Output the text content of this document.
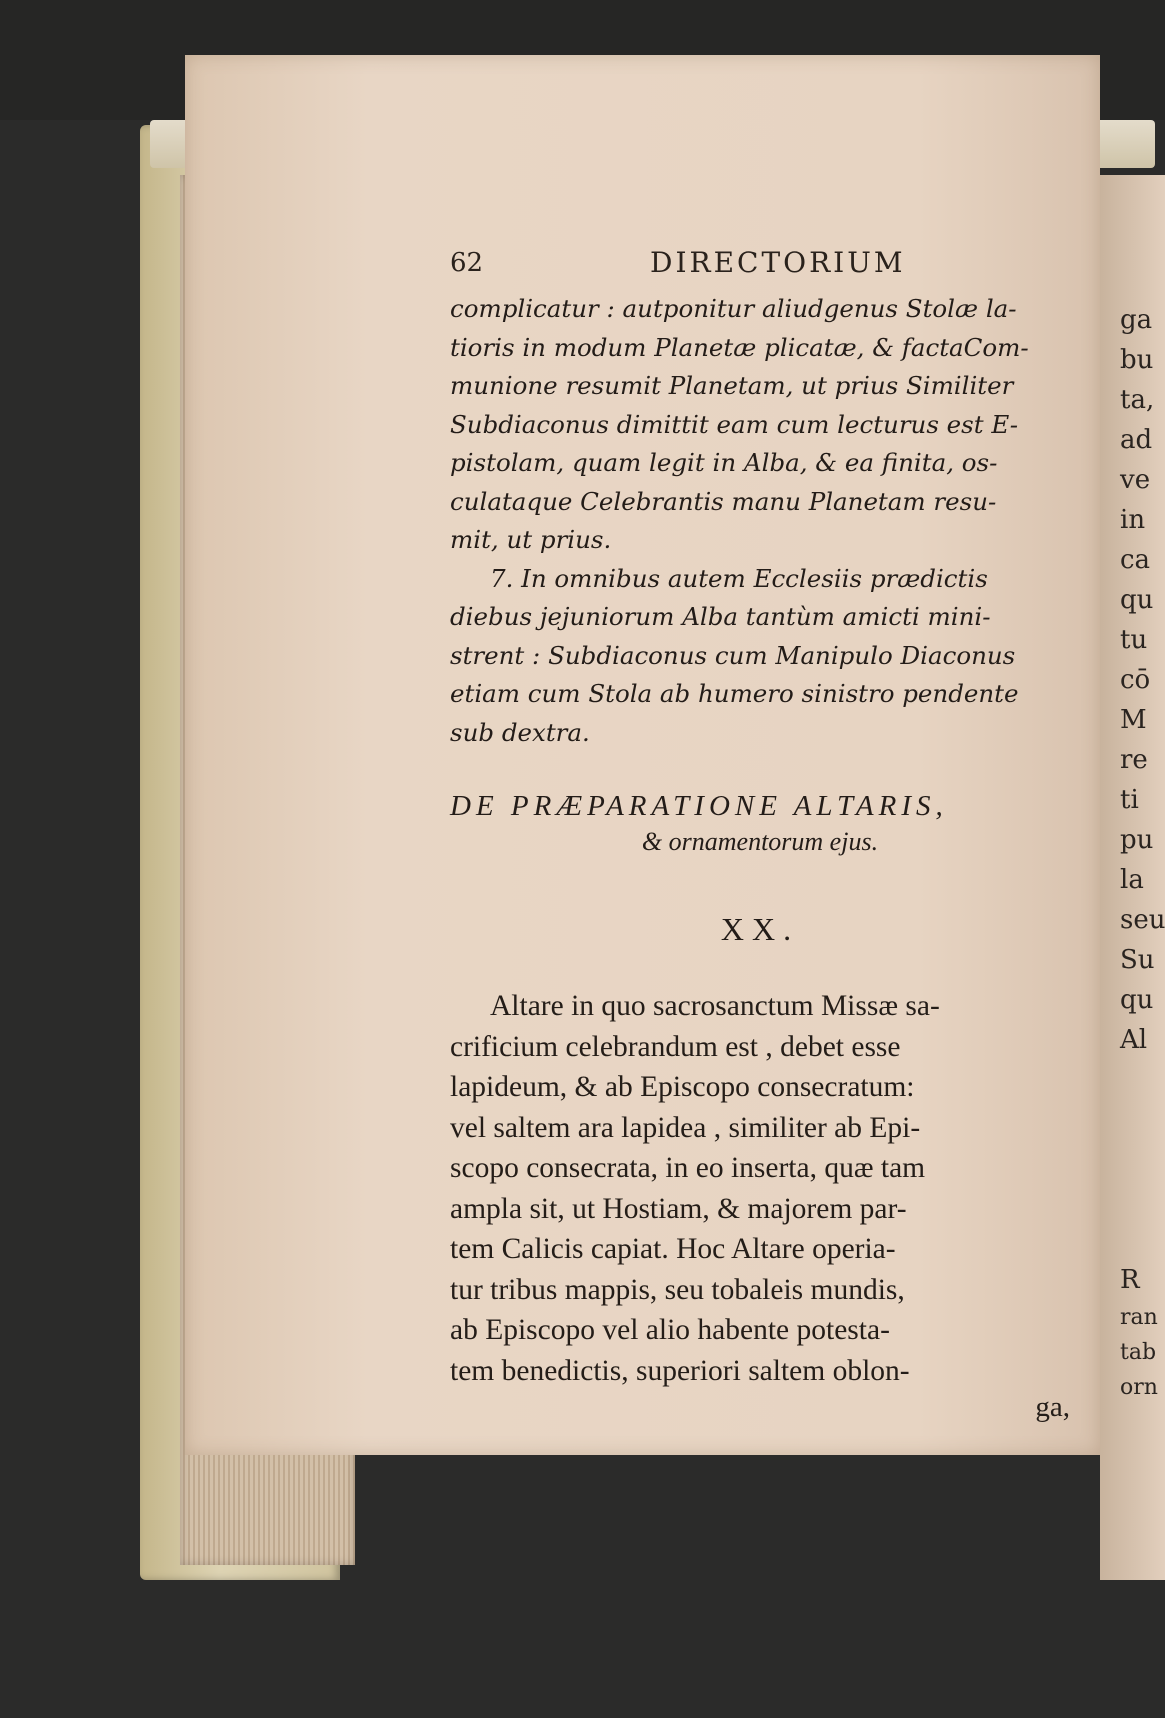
ga
bu
ta,
ad
ve
in
ca
qu
tu
cō
M
re
ti
pu
la
seu
Su
qu
Al
R
ran
tab
orn
62	DIRECTORIUM
complicatur : autponitur aliudgenus Stolæ la-
tioris in modum Planetæ plicatæ, & factaCom-
munione resumit Planetam, ut prius Similiter
Subdiaconus dimittit eam cum lecturus est E-
pistolam, quam legit in Alba, & ea finita, os-
culataque Celebrantis manu Planetam resu-
mit, ut prius.
7. In omnibus autem Ecclesiis prædictis
diebus jejuniorum Alba tantùm amicti mini-
strent : Subdiaconus cum Manipulo Diaconus
etiam cum Stola ab humero sinistro pendente
sub dextra.
DE PRÆPARATIONE ALTARIS,
& ornamentorum ejus.
XX.
Altare in quo sacrosanctum Missæ sa-
crificium celebrandum est , debet esse
lapideum, & ab Episcopo consecratum:
vel saltem ara lapidea , similiter ab Epi-
scopo consecrata, in eo inserta, quæ tam
ampla sit, ut Hostiam, & majorem par-
tem Calicis capiat. Hoc Altare operia-
tur tribus mappis, seu tobaleis mundis,
ab Episcopo vel alio habente potesta-
tem benedictis, superiori saltem oblon-
ga,
